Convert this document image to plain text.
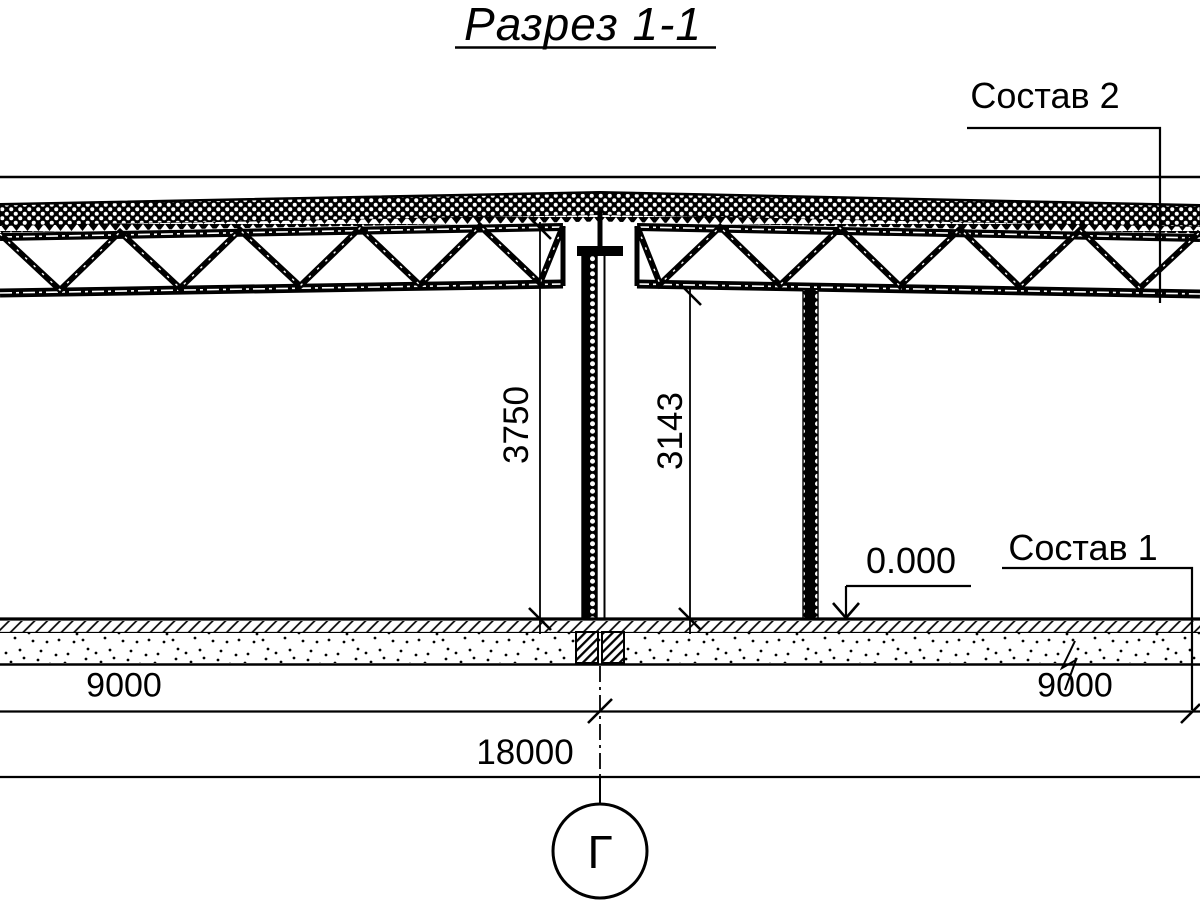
Разрез 1-1
Состав 2
Состав 1
0.000
3750	3143
9000	9000
18000
Г
